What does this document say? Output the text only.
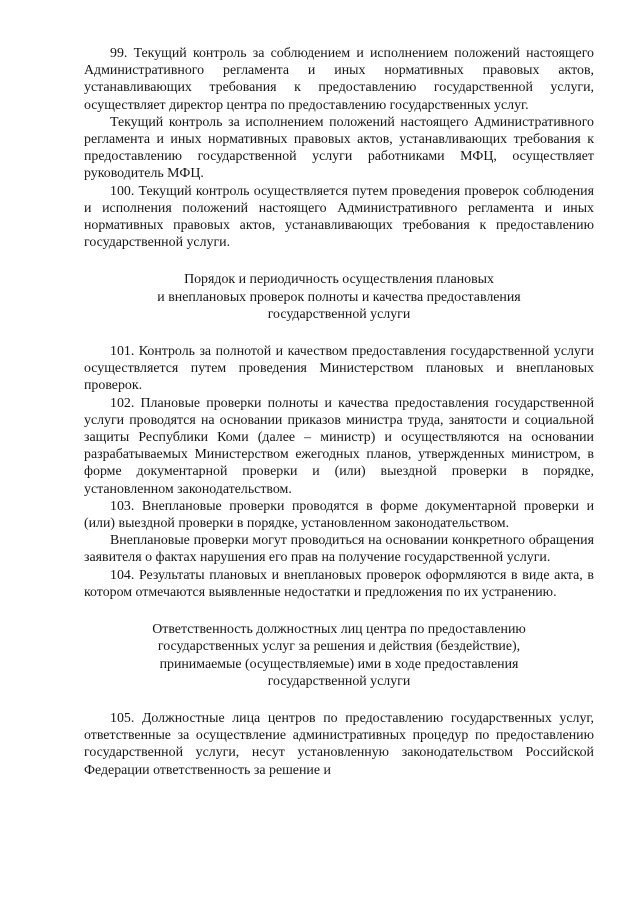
99. Текущий контроль за соблюдением и исполнением положений настоящего Административного регламента и иных нормативных правовых актов, устанавливающих требования к предоставлению государственной услуги, осуществляет директор центра по предоставлению государственных услуг.

Текущий контроль за исполнением положений настоящего Административного регламента и иных нормативных правовых актов, устанавливающих требования к предоставлению государственной услуги работниками МФЦ, осуществляет руководитель МФЦ.

100. Текущий контроль осуществляется путем проведения проверок соблюдения и исполнения положений настоящего Административного регламента и иных нормативных правовых актов, устанавливающих требования к предоставлению государственной услуги.

Порядок и периодичность осуществления плановых
и внеплановых проверок полноты и качества предоставления
государственной услуги

101. Контроль за полнотой и качеством предоставления государственной услуги осуществляется путем проведения Министерством плановых и внеплановых проверок.

102. Плановые проверки полноты и качества предоставления государственной услуги проводятся на основании приказов министра труда, занятости и социальной защиты Республики Коми (далее – министр) и осуществляются на основании разрабатываемых Министерством ежегодных планов, утвержденных министром, в форме документарной проверки и (или) выездной проверки в порядке, установленном законодательством.

103. Внеплановые проверки проводятся в форме документарной проверки и (или) выездной проверки в порядке, установленном законодательством.

Внеплановые проверки могут проводиться на основании конкретного обращения заявителя о фактах нарушения его прав на получение государственной услуги.

104. Результаты плановых и внеплановых проверок оформляются в виде акта, в котором отмечаются выявленные недостатки и предложения по их устранению.

Ответственность должностных лиц центра по предоставлению
государственных услуг за решения и действия (бездействие),
принимаемые (осуществляемые) ими в ходе предоставления
государственной услуги

105. Должностные лица центров по предоставлению государственных услуг, ответственные за осуществление административных процедур по предоставлению государственной услуги, несут установленную законодательством Российской Федерации ответственность за решение и
